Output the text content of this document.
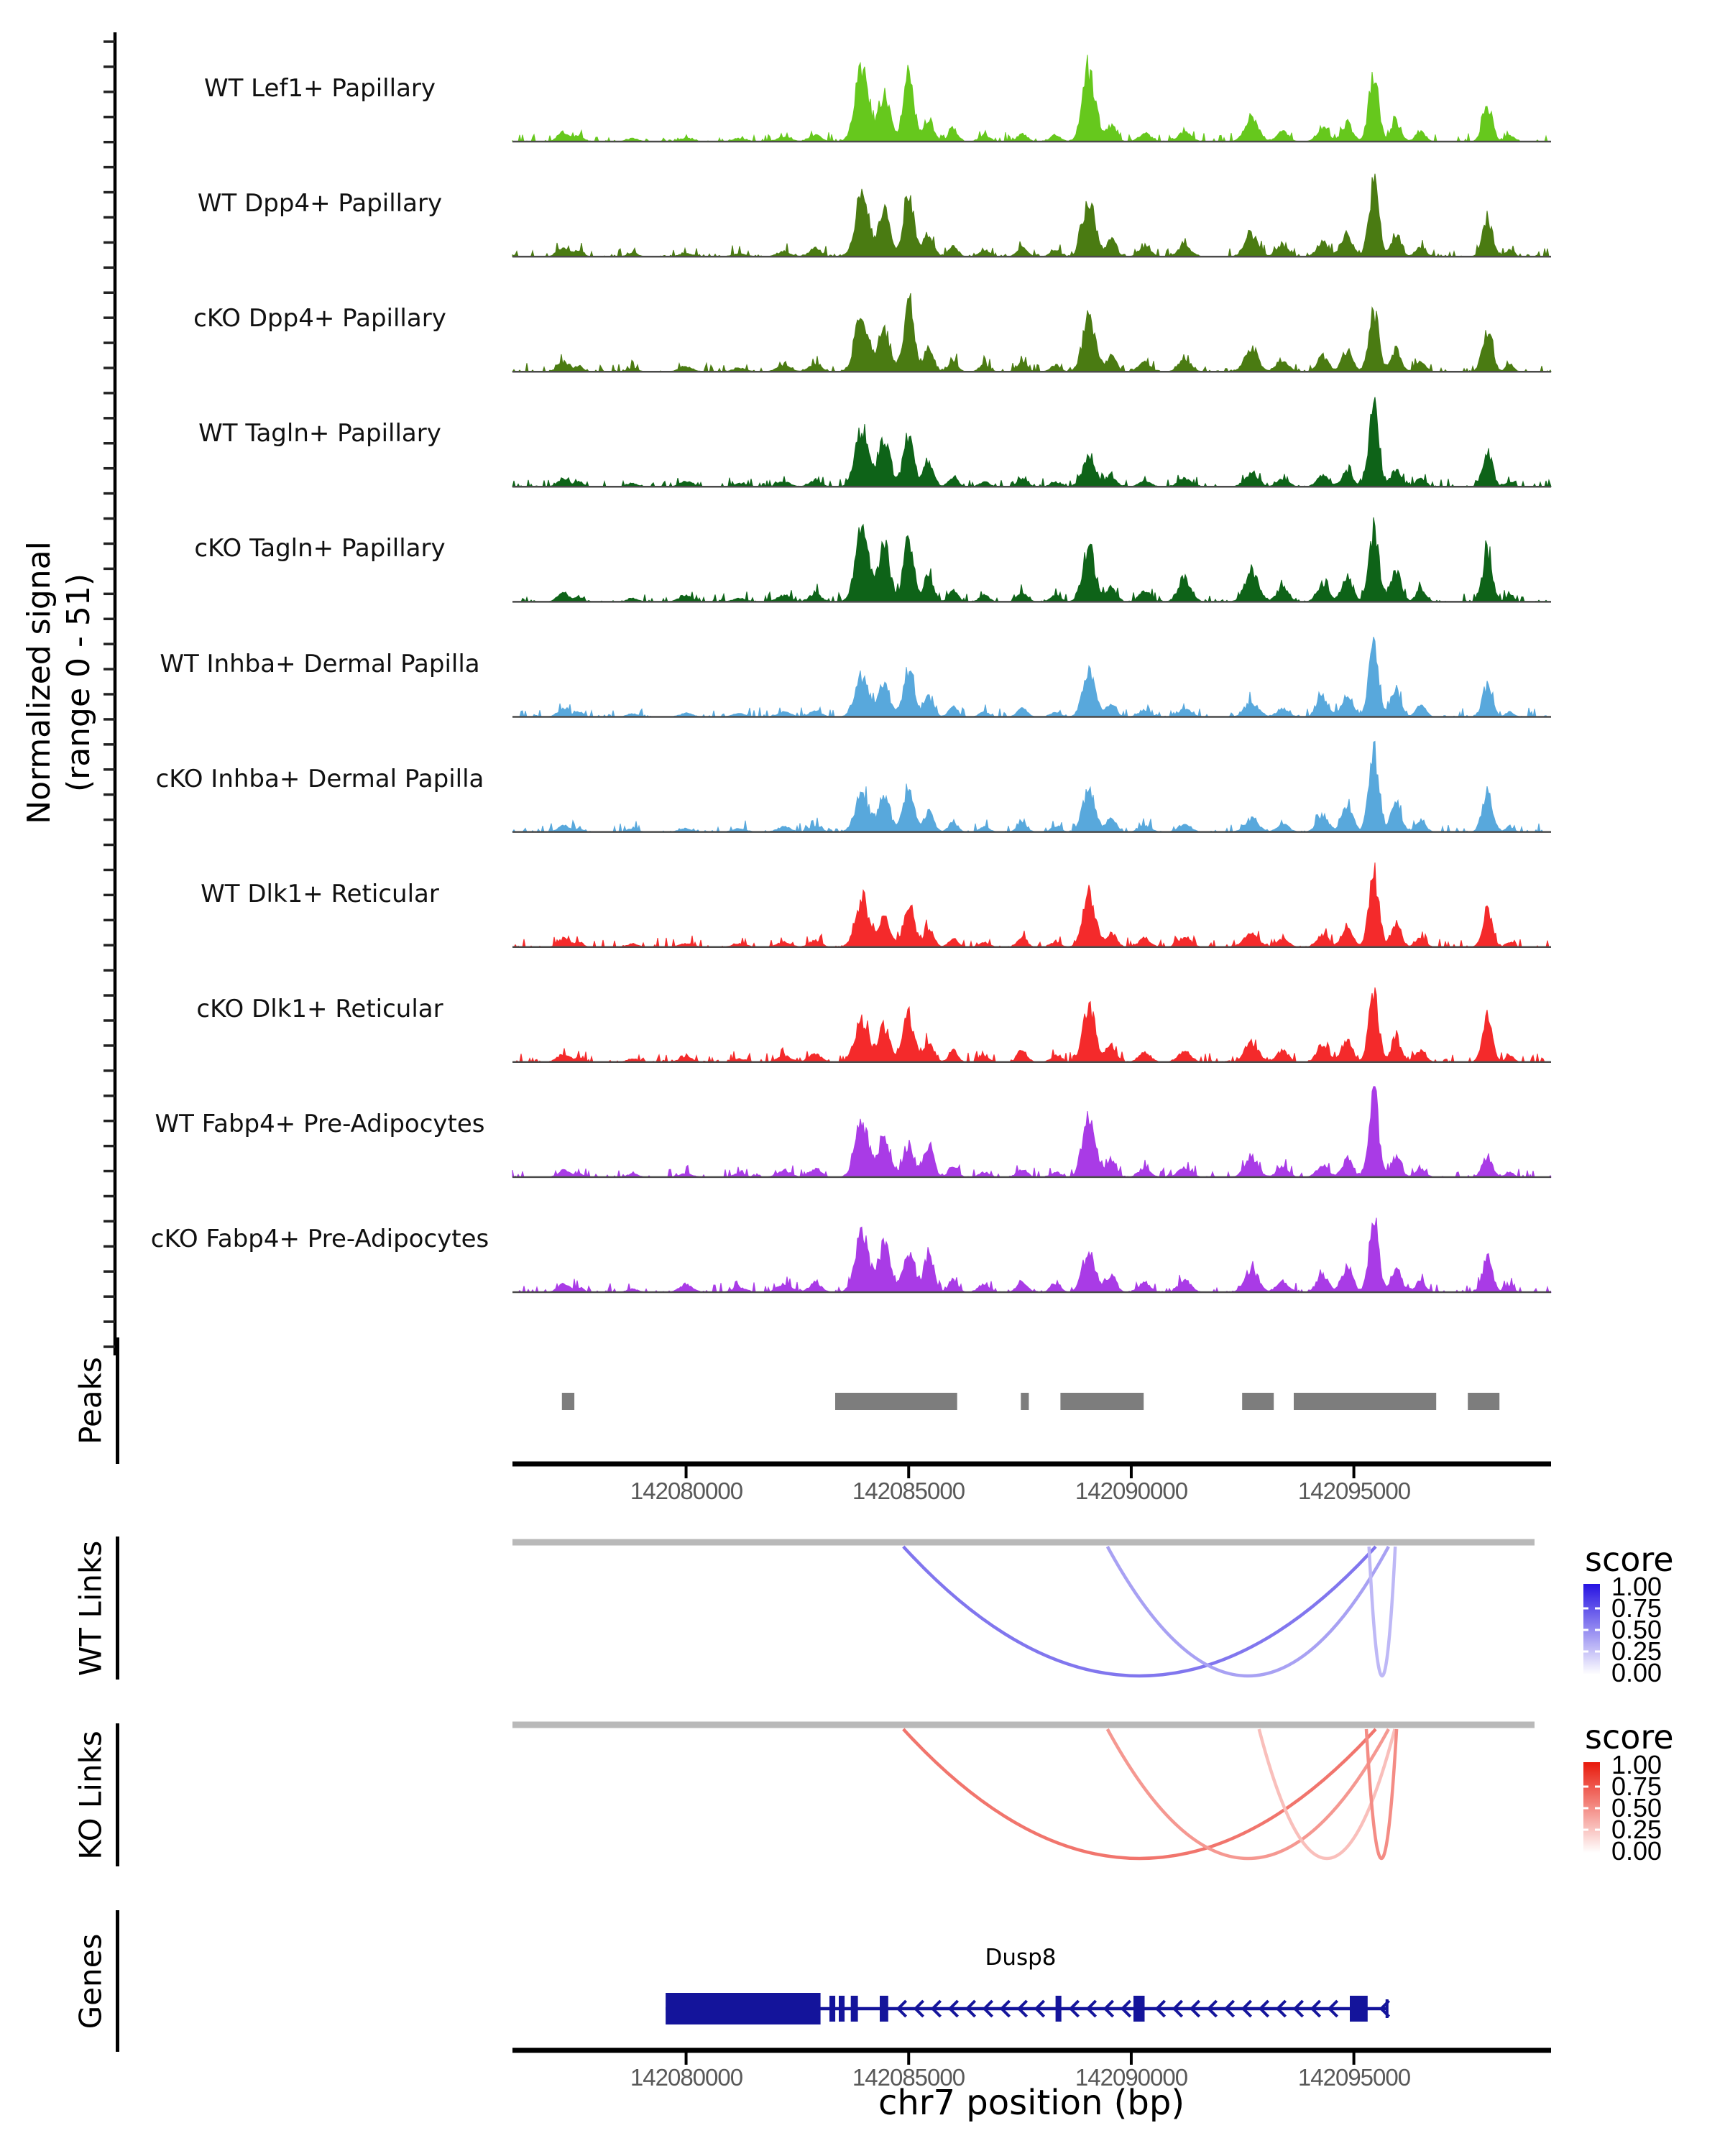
Normalized signal (range 0 - 51)
Peaks
WT Links
KO Links
Genes
score
score
Dusp8
chr7 position (bp)
WT Lef1+ Papillary
WT Dpp4+ Papillary
cKO Dpp4+ Papillary
WT Tagln+ Papillary
cKO Tagln+ Papillary
WT Inhba+ Dermal Papilla
cKO Inhba+ Dermal Papilla
WT Dlk1+ Reticular
cKO Dlk1+ Reticular
WT Fabp4+ Pre-Adipocytes
cKO Fabp4+ Pre-Adipocytes
142080000	142085000	142090000	142095000
142080000	142085000	142090000	142095000
1.00
0.75
0.50
0.25
0.00
1.00
0.75
0.50
0.25
0.00
